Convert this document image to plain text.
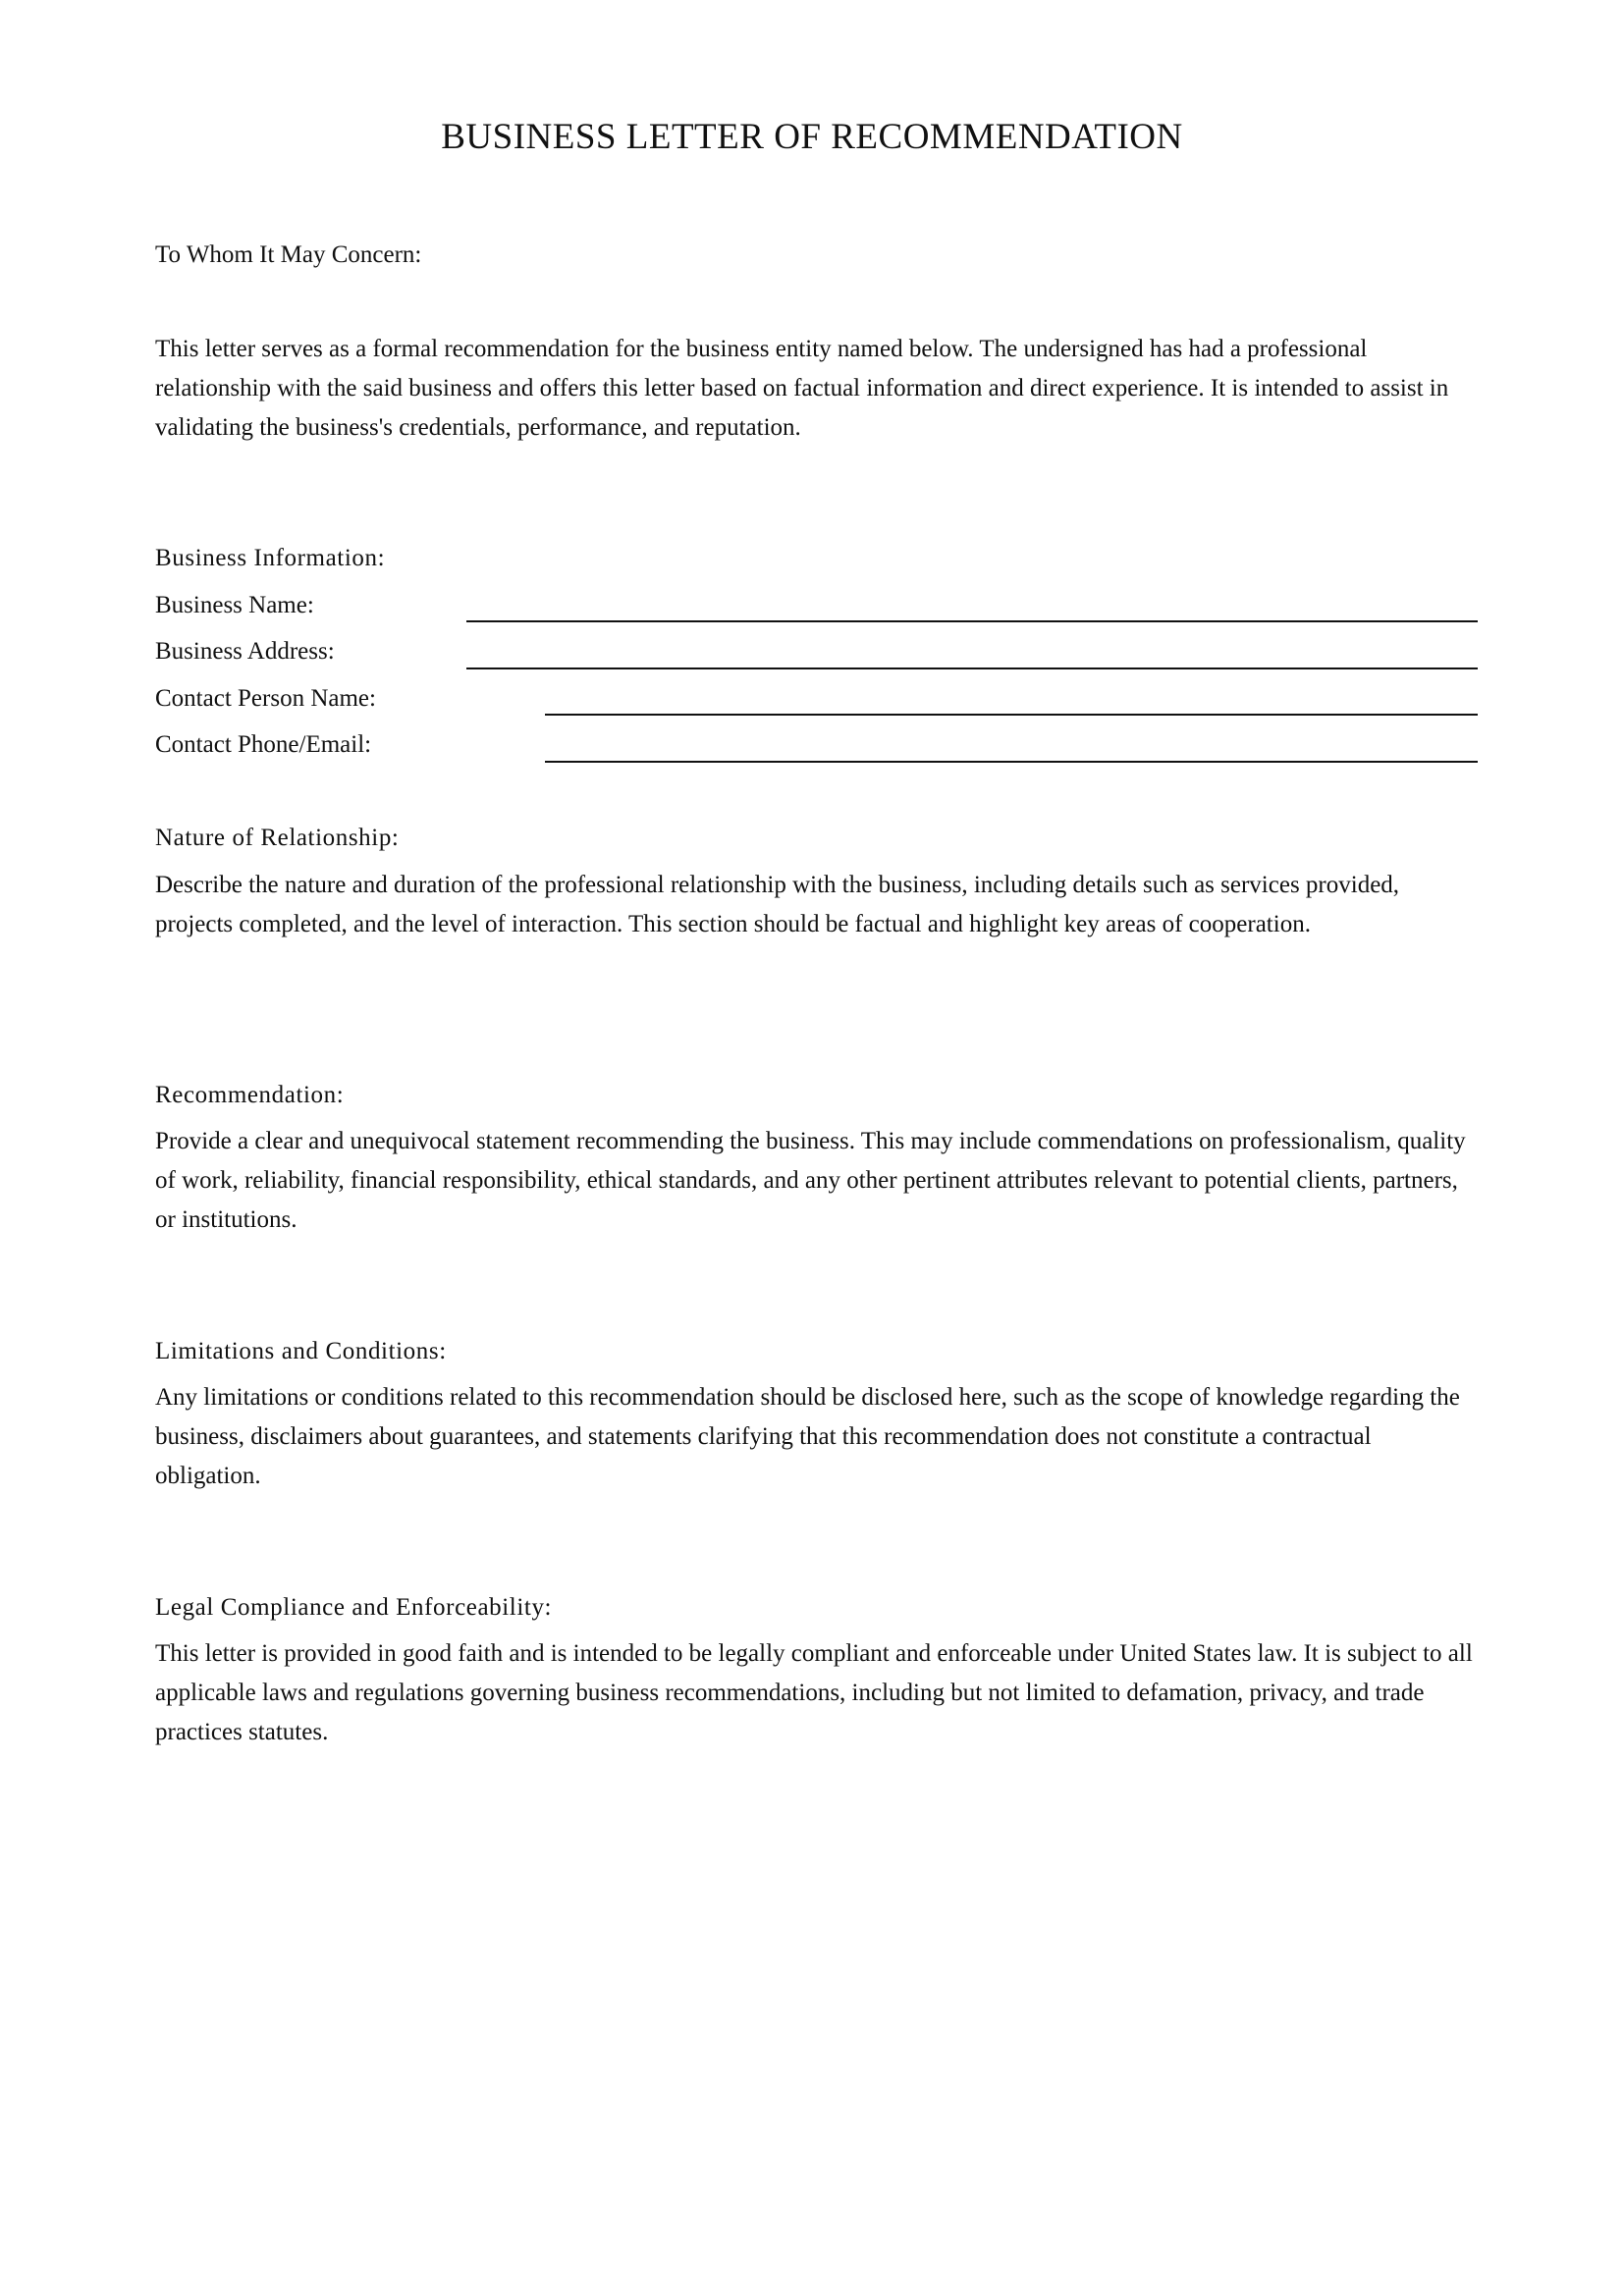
BUSINESS LETTER OF RECOMMENDATION
To Whom It May Concern:
This letter serves as a formal recommendation for the business entity named below. The undersigned has had a professional relationship with the said business and offers this letter based on factual information and direct experience. It is intended to assist in validating the business's credentials, performance, and reputation.
Business Information:
Business Name:
Business Address:
Contact Person Name:
Contact Phone/Email:
Nature of Relationship:
Describe the nature and duration of the professional relationship with the business, including details such as services provided, projects completed, and the level of interaction. This section should be factual and highlight key areas of cooperation.
Recommendation:
Provide a clear and unequivocal statement recommending the business. This may include commendations on professionalism, quality of work, reliability, financial responsibility, ethical standards, and any other pertinent attributes relevant to potential clients, partners, or institutions.
Limitations and Conditions:
Any limitations or conditions related to this recommendation should be disclosed here, such as the scope of knowledge regarding the business, disclaimers about guarantees, and statements clarifying that this recommendation does not constitute a contractual obligation.
Legal Compliance and Enforceability:
This letter is provided in good faith and is intended to be legally compliant and enforceable under United States law. It is subject to all applicable laws and regulations governing business recommendations, including but not limited to defamation, privacy, and trade practices statutes.
